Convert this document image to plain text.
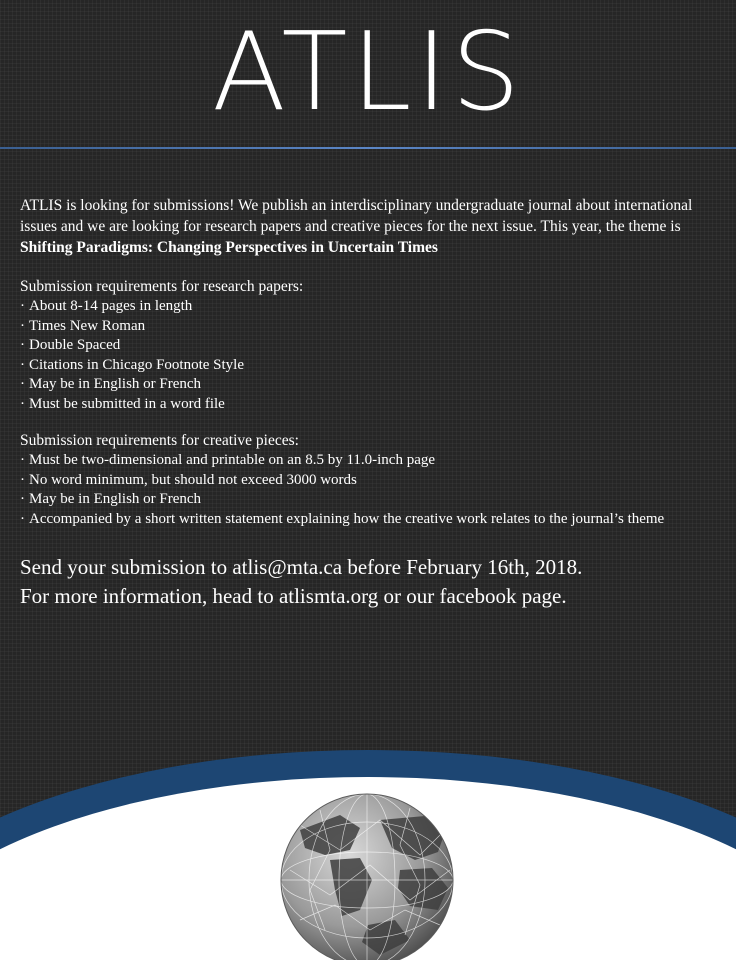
ATLIS

ATLIS is looking for submissions! We publish an interdisciplinary undergraduate journal about international issues and we are looking for research papers and creative pieces for the next issue. This year, the theme is Shifting Paradigms: Changing Perspectives in Uncertain Times

Submission requirements for research papers:

· About 8-14 pages in length
· Times New Roman
· Double Spaced
· Citations in Chicago Footnote Style
· May be in English or French
· Must be submitted in a word file

Submission requirements for creative pieces:

· Must be two-dimensional and printable on an 8.5 by 11.0-inch page
· No word minimum, but should not exceed 3000 words
· May be in English or French
· Accompanied by a short written statement explaining how the creative work relates to the journal’s theme

Send your submission to atlis@mta.ca before February 16th, 2018.

For more information, head to atlismta.org or our facebook page.
